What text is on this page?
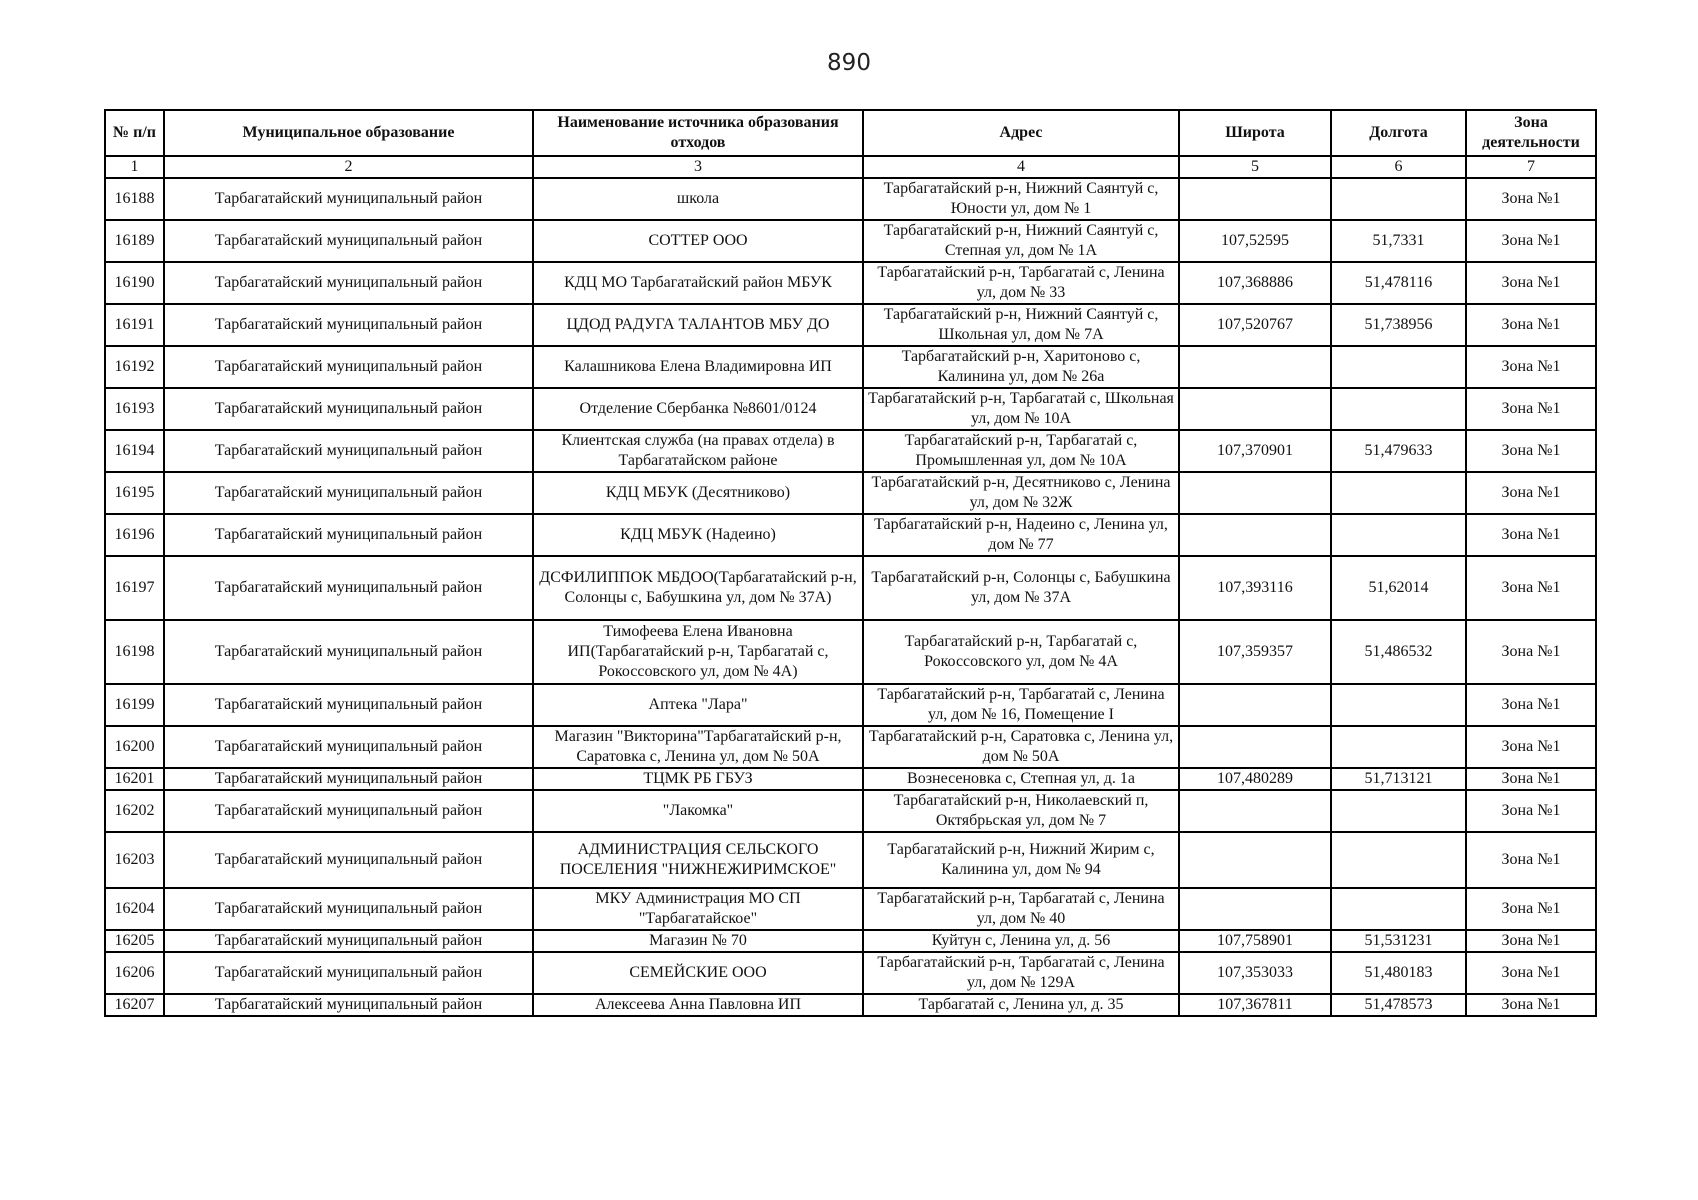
890
№ п/п	Муниципальное образование	Наименование источника образования отходов	Адрес	Широта	Долгота	Зона деятельности
1	2	3	4	5	6	7
16188	Тарбагатайский муниципальный район	школа	Тарбагатайский р-н, Нижний Саянтуй с, Юности ул, дом № 1			Зона №1
16189	Тарбагатайский муниципальный район	СОТТЕР ООО	Тарбагатайский р-н, Нижний Саянтуй с, Степная ул, дом № 1А	107,52595	51,7331	Зона №1
16190	Тарбагатайский муниципальный район	КДЦ МО Тарбагатайский район МБУК	Тарбагатайский р-н, Тарбагатай с, Ленина ул, дом № 33	107,368886	51,478116	Зона №1
16191	Тарбагатайский муниципальный район	ЦДОД РАДУГА ТАЛАНТОВ МБУ ДО	Тарбагатайский р-н, Нижний Саянтуй с, Школьная ул, дом № 7А	107,520767	51,738956	Зона №1
16192	Тарбагатайский муниципальный район	Калашникова Елена Владимировна ИП	Тарбагатайский р-н, Харитоново с, Калинина ул, дом № 26а			Зона №1
16193	Тарбагатайский муниципальный район	Отделение Сбербанка №8601/0124	Тарбагатайский р-н, Тарбагатай с, Школьная ул, дом № 10А			Зона №1
16194	Тарбагатайский муниципальный район	Клиентская служба (на правах отдела) в Тарбагатайском районе	Тарбагатайский р-н, Тарбагатай с, Промышленная ул, дом № 10А	107,370901	51,479633	Зона №1
16195	Тарбагатайский муниципальный район	КДЦ МБУК (Десятниково)	Тарбагатайский р-н, Десятниково с, Ленина ул, дом № 32Ж			Зона №1
16196	Тарбагатайский муниципальный район	КДЦ МБУК (Надеино)	Тарбагатайский р-н, Надеино с, Ленина ул, дом № 77			Зона №1
16197	Тарбагатайский муниципальный район	ДСФИЛИППОК МБДОО(Тарбагатайский р-н, Солонцы с, Бабушкина ул, дом № 37А)	Тарбагатайский р-н, Солонцы с, Бабушкина ул, дом № 37А	107,393116	51,62014	Зона №1
16198	Тарбагатайский муниципальный район	Тимофеева Елена Ивановна ИП(Тарбагатайский р-н, Тарбагатай с, Рокоссовского ул, дом № 4А)	Тарбагатайский р-н, Тарбагатай с, Рокоссовского ул, дом № 4А	107,359357	51,486532	Зона №1
16199	Тарбагатайский муниципальный район	Аптека "Лара"	Тарбагатайский р-н, Тарбагатай с, Ленина ул, дом № 16, Помещение I			Зона №1
16200	Тарбагатайский муниципальный район	Магазин "Викторина"Тарбагатайский р-н, Саратовка с, Ленина ул, дом № 50А	Тарбагатайский р-н, Саратовка с, Ленина ул, дом № 50А			Зона №1
16201	Тарбагатайский муниципальный район	ТЦМК РБ ГБУЗ	Вознесеновка с, Степная ул, д. 1а	107,480289	51,713121	Зона №1
16202	Тарбагатайский муниципальный район	"Лакомка"	Тарбагатайский р-н, Николаевский п, Октябрьская ул, дом № 7			Зона №1
16203	Тарбагатайский муниципальный район	АДМИНИСТРАЦИЯ СЕЛЬСКОГО ПОСЕЛЕНИЯ "НИЖНЕЖИРИМСКОЕ"	Тарбагатайский р-н, Нижний Жирим с, Калинина ул, дом № 94			Зона №1
16204	Тарбагатайский муниципальный район	МКУ Администрация МО СП "Тарбагатайское"	Тарбагатайский р-н, Тарбагатай с, Ленина ул, дом № 40			Зона №1
16205	Тарбагатайский муниципальный район	Магазин № 70	Куйтун с, Ленина ул, д. 56	107,758901	51,531231	Зона №1
16206	Тарбагатайский муниципальный район	СЕМЕЙСКИЕ ООО	Тарбагатайский р-н, Тарбагатай с, Ленина ул, дом № 129А	107,353033	51,480183	Зона №1
16207	Тарбагатайский муниципальный район	Алексеева Анна Павловна ИП	Тарбагатай с, Ленина ул, д. 35	107,367811	51,478573	Зона №1
